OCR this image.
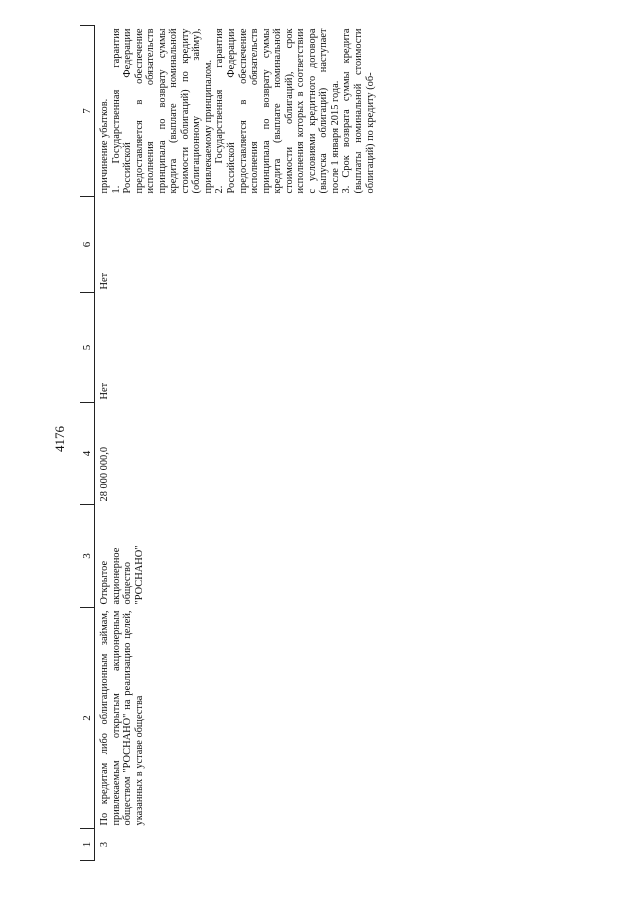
4176
1	2	3	4	5	6	7
3	По кредитам либо облигационным займам, привлекаемым открытым акционерным обществом "РОСНАНО" на реализацию целей, указанных в уставе общества	Открытое акционерное общество "РОСНАНО"	28 000 000,0	Нет	Нет	причинение убытков. 1. Государственная гарантия Российской Федерации предоставляется в обеспечение исполнения обязательств принципала по возврату суммы кредита (выплате номинальной стоимости облигаций) по кредиту (облигационному займу), привлекаемому принципалом. 2. Государственная гарантия Российской Федерации предоставляется в обеспечение исполнения обязательств принципала по возврату суммы кредита (выплате номинальной стоимости облигаций), срок исполнения которых в соответствии с условиями кредитного договора (выпуска облигаций) наступает после 1 января 2015 года. 3. Срок возврата суммы кредита (выплаты номинальной стоимости облигаций) по кредиту (об-
